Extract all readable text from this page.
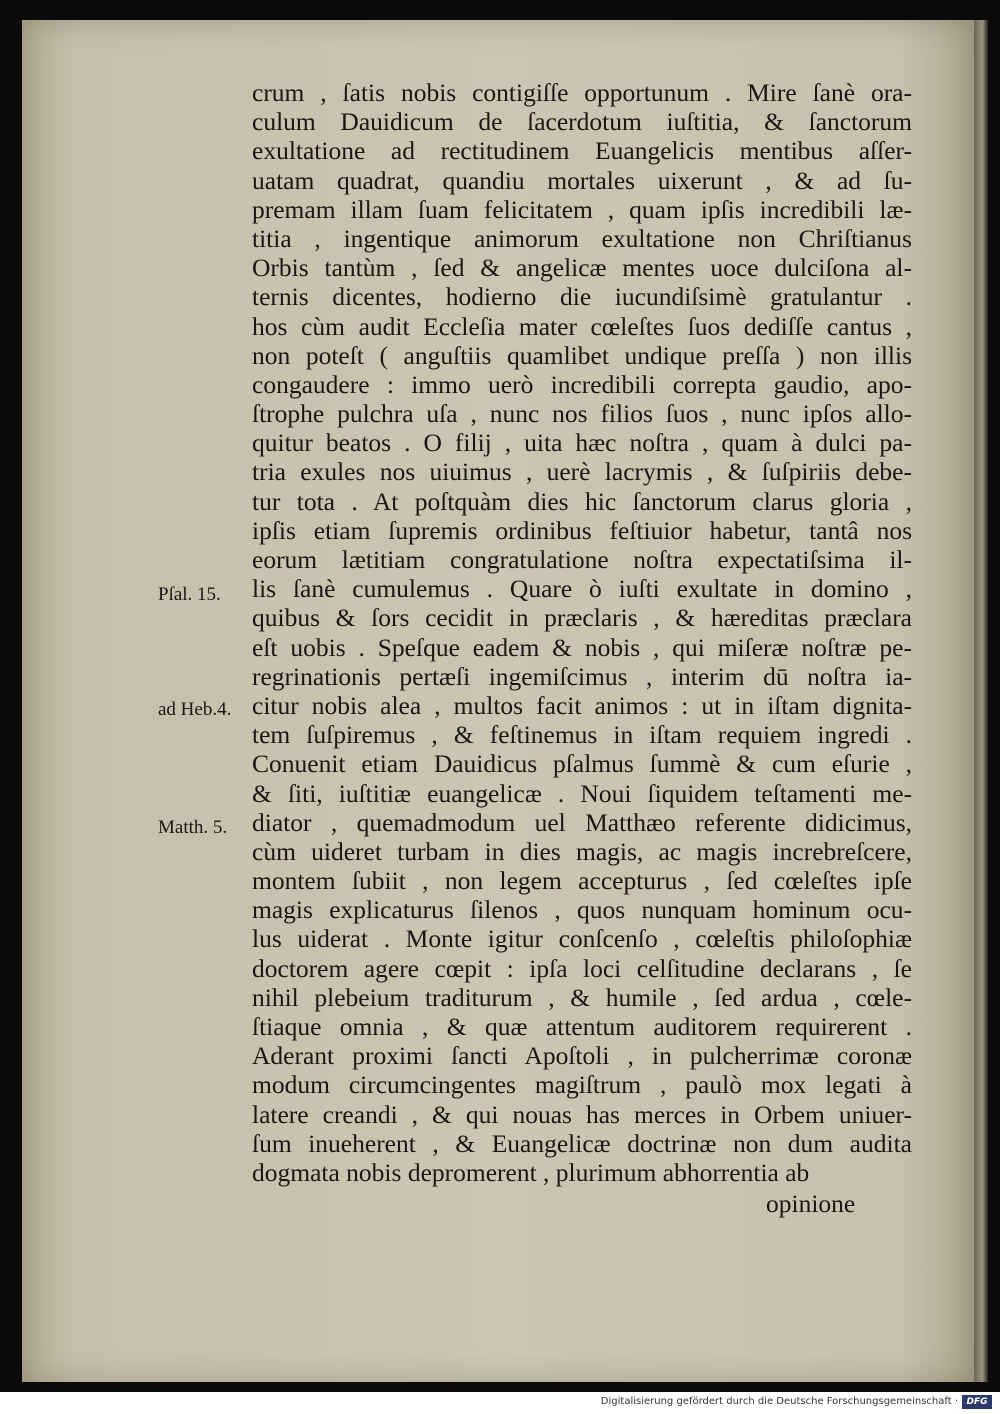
crum , ſatis nobis contigiſſe opportunum . Mire ſanè ora-
culum Dauidicum de ſacerdotum iuſtitia, & ſanctorum
exultatione ad rectitudinem Euangelicis mentibus aſſer-
uatam quadrat, quandiu mortales uixerunt , & ad ſu-
premam illam ſuam felicitatem , quam ipſis incredibili læ-
titia , ingentique animorum exultatione non Chriſtianus
Orbis tantùm , ſed & angelicæ mentes uoce dulciſona al-
ternis dicentes, hodierno die iucundiſsimè gratulantur .
hos cùm audit Eccleſia mater cœleſtes ſuos dediſſe cantus ,
non poteſt ( anguſtiis quamlibet undique preſſa ) non illis
congaudere : immo uerò incredibili correpta gaudio, apo-
ſtrophe pulchra uſa , nunc nos filios ſuos , nunc ipſos allo-
quitur beatos . O filij , uita hæc noſtra , quam à dulci pa-
tria exules nos uiuimus , uerè lacrymis , & ſuſpiriis debe-
tur tota . At poſtquàm dies hic ſanctorum clarus gloria ,
ipſis etiam ſupremis ordinibus feſtiuior habetur, tantâ nos
eorum lætitiam congratulatione noſtra expectatiſsima il-
lis ſanè cumulemus . Quare ò iuſti exultate in domino ,
quibus & ſors cecidit in præclaris , & hæreditas præclara
eſt uobis . Speſque eadem & nobis , qui miſeræ noſtræ pe-
regrinationis pertæſi ingemiſcimus , interim dū noſtra ia-
citur nobis alea , multos facit animos : ut in iſtam dignita-
tem ſuſpiremus , & feſtinemus in iſtam requiem ingredi .
Conuenit etiam Dauidicus pſalmus ſummè & cum eſurie ,
& ſiti, iuſtitiæ euangelicæ . Noui ſiquidem teſtamenti me-
diator , quemadmodum uel Matthæo referente didicimus,
cùm uideret turbam in dies magis, ac magis increbreſcere,
montem ſubiit , non legem accepturus , ſed cœleſtes ipſe
magis explicaturus ſilenos , quos nunquam hominum ocu-
lus uiderat . Monte igitur conſcenſo , cœleſtis philoſophiæ
doctorem agere cœpit : ipſa loci celſitudine declarans , ſe
nihil plebeium traditurum , & humile , ſed ardua , cœle-
ſtiaque omnia , & quæ attentum auditorem requirerent .
Aderant proximi ſancti Apoſtoli , in pulcherrimæ coronæ
modum circumcingentes magiſtrum , paulò mox legati à
latere creandi , & qui nouas has merces in Orbem uniuer-
ſum inueherent , & Euangelicæ doctrinæ non dum audita
dogmata nobis depromerent , plurimum abhorrentia ab
opinione
Pſal. 15.
ad Heb.4.
Matth. 5.
Digitalisierung gefördert durch die Deutsche Forschungsgemeinschaft · DFG
